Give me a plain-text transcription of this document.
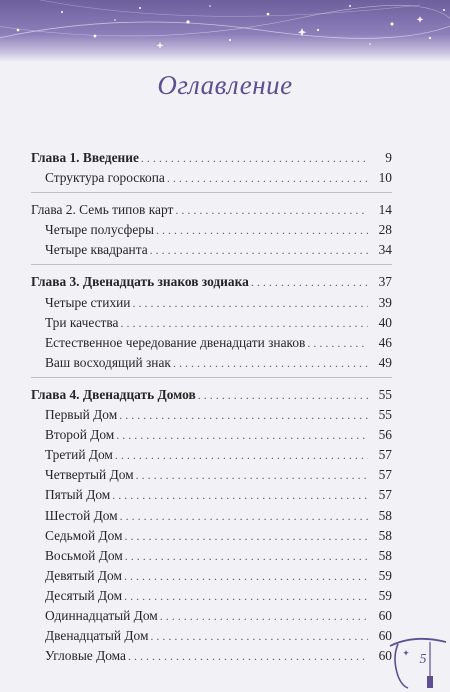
Оглавление
Глава 1. Введение . . .	9
Структура гороскопа . . .	10
Глава 2. Семь типов карт . . .	14
Четыре полусферы . . .	28
Четыре квадранта . . .	34
Глава 3. Двенадцать знаков зодиака . . .	37
Четыре стихии . . .	39
Три качества . . .	40
Естественное чередование двенадцати знаков . . .	46
Ваш восходящий знак . . .	49
Глава 4. Двенадцать Домов . . .	55
Первый Дом . . .	55
Второй Дом . . .	56
Третий Дом . . .	57
Четвертый Дом . . .	57
Пятый Дом . . .	57
Шестой Дом . . .	58
Седьмой Дом . . .	58
Восьмой Дом . . .	58
Девятый Дом . . .	59
Десятый Дом . . .	59
Одиннадцатый Дом . . .	60
Двенадцатый Дом . . .	60
Угловые Дома . . .	60	5
